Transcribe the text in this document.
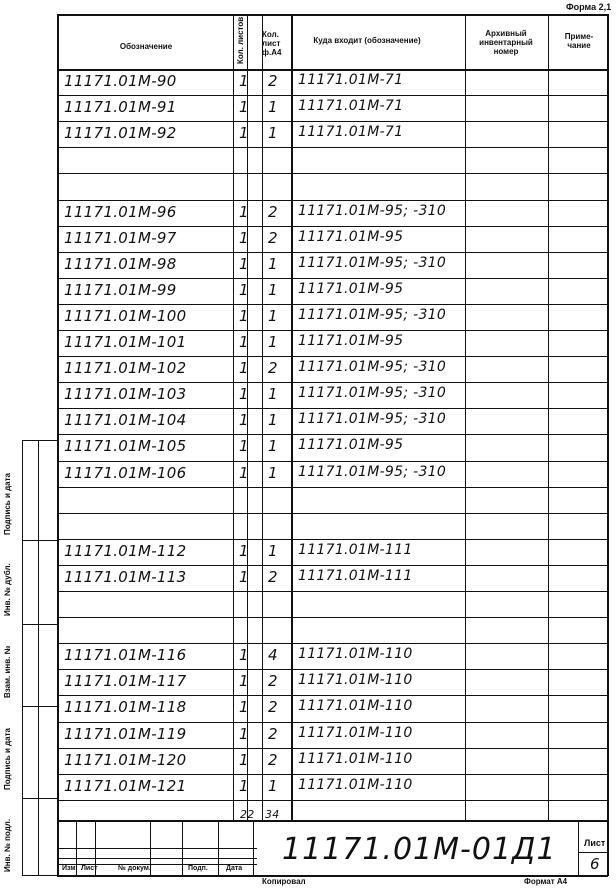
Форма 2,1
Обозначение	Кол. листов Кол. лист ф.А4
Куда входит (обозначение)
Архивный инвентарный номер
Приме- чание
11171.01М-90	1 2 11171.01М-71
11171.01М-91	1 1 11171.01М-71
11171.01М-92	1 1 11171.01М-71
11171.01М-96	1 2 11171.01М-95; -310
11171.01М-97	1 2 11171.01М-95
11171.01М-98	1 1 11171.01М-95; -310
11171.01М-99	1 1 11171.01М-95
11171.01М-100	1 1 11171.01М-95; -310
11171.01М-101	1 1 11171.01М-95
11171.01М-102	1 2 11171.01М-95; -310
11171.01М-103	1 1 11171.01М-95; -310
11171.01М-104	1 1 11171.01М-95; -310
11171.01М-105	1 1 11171.01М-95
11171.01М-106	1 1 11171.01М-95; -310
11171.01М-112	1 1 11171.01М-111
11171.01М-113	1 2 11171.01М-111
11171.01М-116	1 4 11171.01М-110
11171.01М-117	1 2 11171.01М-110
11171.01М-118	1 2 11171.01М-110
11171.01М-119	1 2 11171.01М-110
11171.01М-120	1 2 11171.01М-110
11171.01М-121	1 1 11171.01М-110
22 34
Подпись и дата
Инв. № дубл.
Взам. инв. №
Подпись и дата
Инв. № подл.	11171.01М-01Д1	Лист
6
Изм Лист	№ докум.	Подп.	Дата
Копировал	Формат А4
